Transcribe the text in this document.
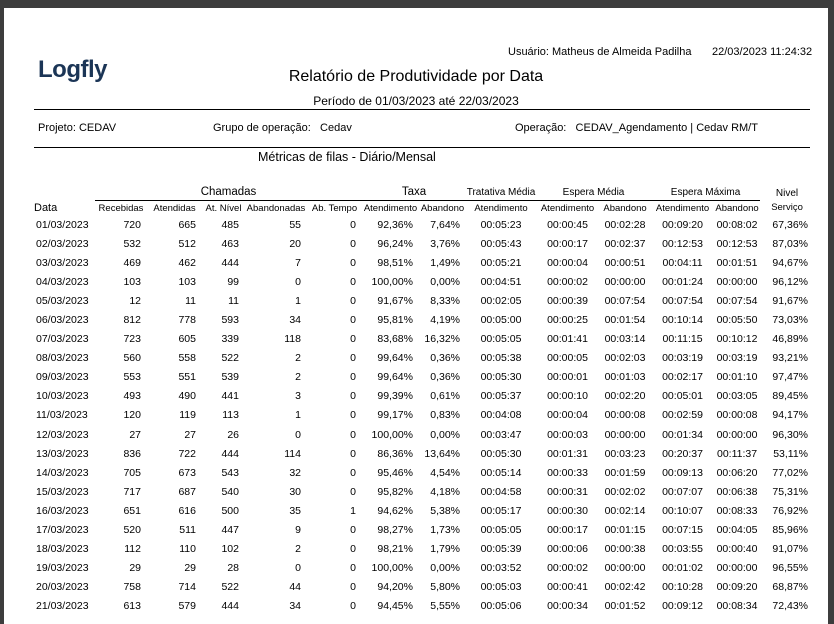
Logfly
Usuário: Matheus de Almeida Padilha 22/03/2023 11:24:32
Relatório de Produtividade por Data
Período de 01/03/2023 até 22/03/2023
Projeto: CEDAV	Grupo de operação: Cedav	Operação: CEDAV_Agendamento | Cedav RM/T
Métricas de filas - Diário/Mensal
	Chamadas					Taxa		Tratativa Média	Espera Média		Espera Máxima		Nivel
Data	Recebidas	Atendidas	At. Nível	Abandonadas	Ab. Tempo	Atendimento	Abandono	Atendimento	Atendimento	Abandono	Atendimento	Abandono	Serviço
01/03/2023	720	665	485	55	0	92,36%	7,64%	00:05:23	00:00:45	00:02:28	00:09:20	00:08:02	67,36%
02/03/2023	532	512	463	20	0	96,24%	3,76%	00:05:43	00:00:17	00:02:37	00:12:53	00:12:53	87,03%
03/03/2023	469	462	444	7	0	98,51%	1,49%	00:05:21	00:00:04	00:00:51	00:04:11	00:01:51	94,67%
04/03/2023	103	103	99	0	0	100,00%	0,00%	00:04:51	00:00:02	00:00:00	00:01:24	00:00:00	96,12%
05/03/2023	12	11	11	1	0	91,67%	8,33%	00:02:05	00:00:39	00:07:54	00:07:54	00:07:54	91,67%
06/03/2023	812	778	593	34	0	95,81%	4,19%	00:05:00	00:00:25	00:01:54	00:10:14	00:05:50	73,03%
07/03/2023	723	605	339	118	0	83,68%	16,32%	00:05:05	00:01:41	00:03:14	00:11:15	00:10:12	46,89%
08/03/2023	560	558	522	2	0	99,64%	0,36%	00:05:38	00:00:05	00:02:03	00:03:19	00:03:19	93,21%
09/03/2023	553	551	539	2	0	99,64%	0,36%	00:05:30	00:00:01	00:01:03	00:02:17	00:01:10	97,47%
10/03/2023	493	490	441	3	0	99,39%	0,61%	00:05:37	00:00:10	00:02:20	00:05:01	00:03:05	89,45%
11/03/2023	120	119	113	1	0	99,17%	0,83%	00:04:08	00:00:04	00:00:08	00:02:59	00:00:08	94,17%
12/03/2023	27	27	26	0	0	100,00%	0,00%	00:03:47	00:00:03	00:00:00	00:01:34	00:00:00	96,30%
13/03/2023	836	722	444	114	0	86,36%	13,64%	00:05:30	00:01:31	00:03:23	00:20:37	00:11:37	53,11%
14/03/2023	705	673	543	32	0	95,46%	4,54%	00:05:14	00:00:33	00:01:59	00:09:13	00:06:20	77,02%
15/03/2023	717	687	540	30	0	95,82%	4,18%	00:04:58	00:00:31	00:02:02	00:07:07	00:06:38	75,31%
16/03/2023	651	616	500	35	1	94,62%	5,38%	00:05:17	00:00:30	00:02:14	00:10:07	00:08:33	76,92%
17/03/2023	520	511	447	9	0	98,27%	1,73%	00:05:05	00:00:17	00:01:15	00:07:15	00:04:05	85,96%
18/03/2023	112	110	102	2	0	98,21%	1,79%	00:05:39	00:00:06	00:00:38	00:03:55	00:00:40	91,07%
19/03/2023	29	29	28	0	0	100,00%	0,00%	00:03:52	00:00:02	00:00:00	00:01:02	00:00:00	96,55%
20/03/2023	758	714	522	44	0	94,20%	5,80%	00:05:03	00:00:41	00:02:42	00:10:28	00:09:20	68,87%
21/03/2023	613	579	444	34	0	94,45%	5,55%	00:05:06	00:00:34	00:01:52	00:09:12	00:08:34	72,43%
